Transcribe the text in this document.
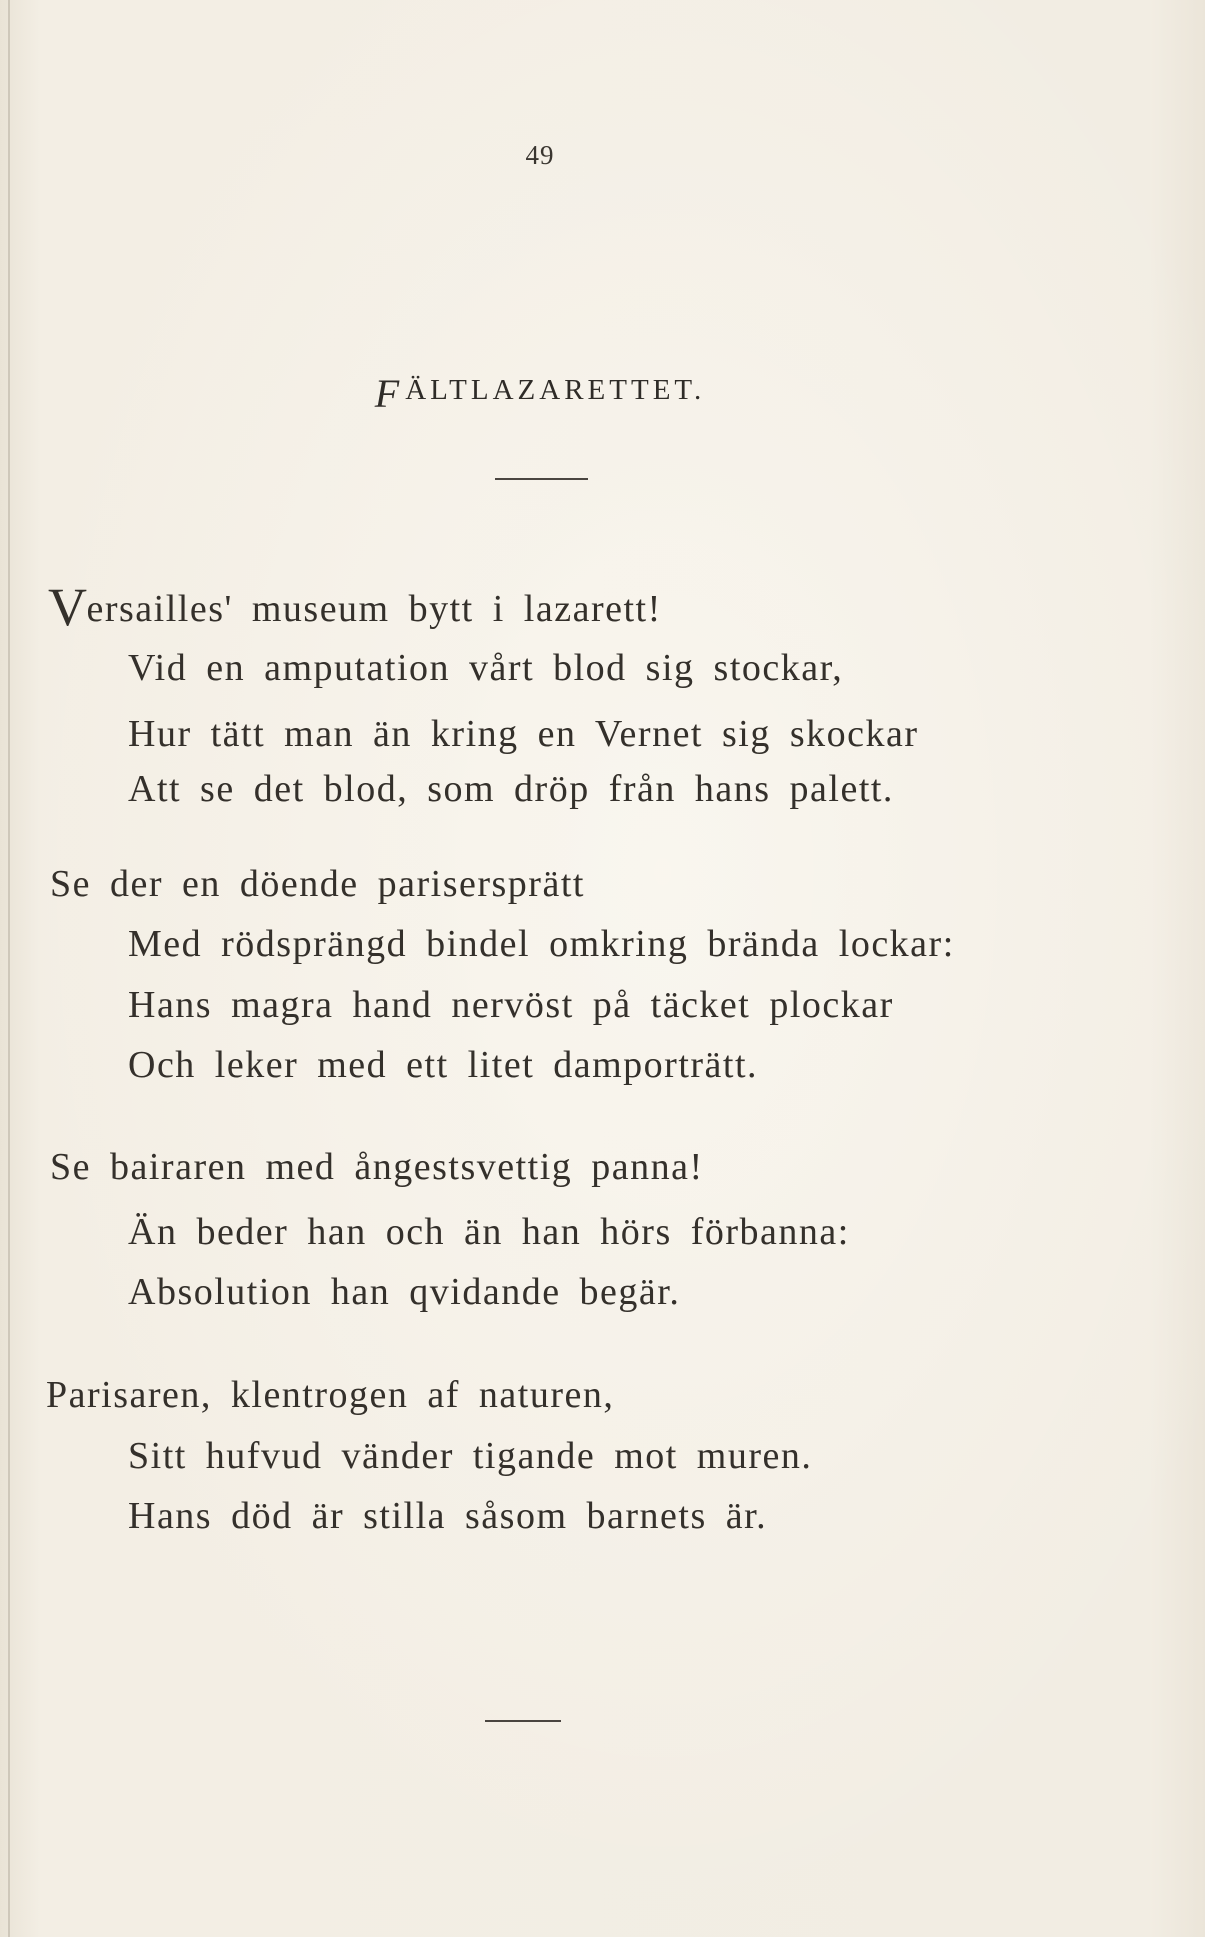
49
FÄLTLAZARETTET.
Versailles' museum bytt i lazarett!
Vid en amputation vårt blod sig stockar,
Hur tätt man än kring en Vernet sig skockar
Att se det blod, som dröp från hans palett.
Se der en döende parisersprätt
Med rödsprängd bindel omkring brända lockar:
Hans magra hand nervöst på täcket plockar
Och leker med ett litet damporträtt.
Se bairaren med ångestsvettig panna!
Än beder han och än han hörs förbanna:
Absolution han qvidande begär.
Parisaren, klentrogen af naturen,
Sitt hufvud vänder tigande mot muren.
Hans död är stilla såsom barnets är.
